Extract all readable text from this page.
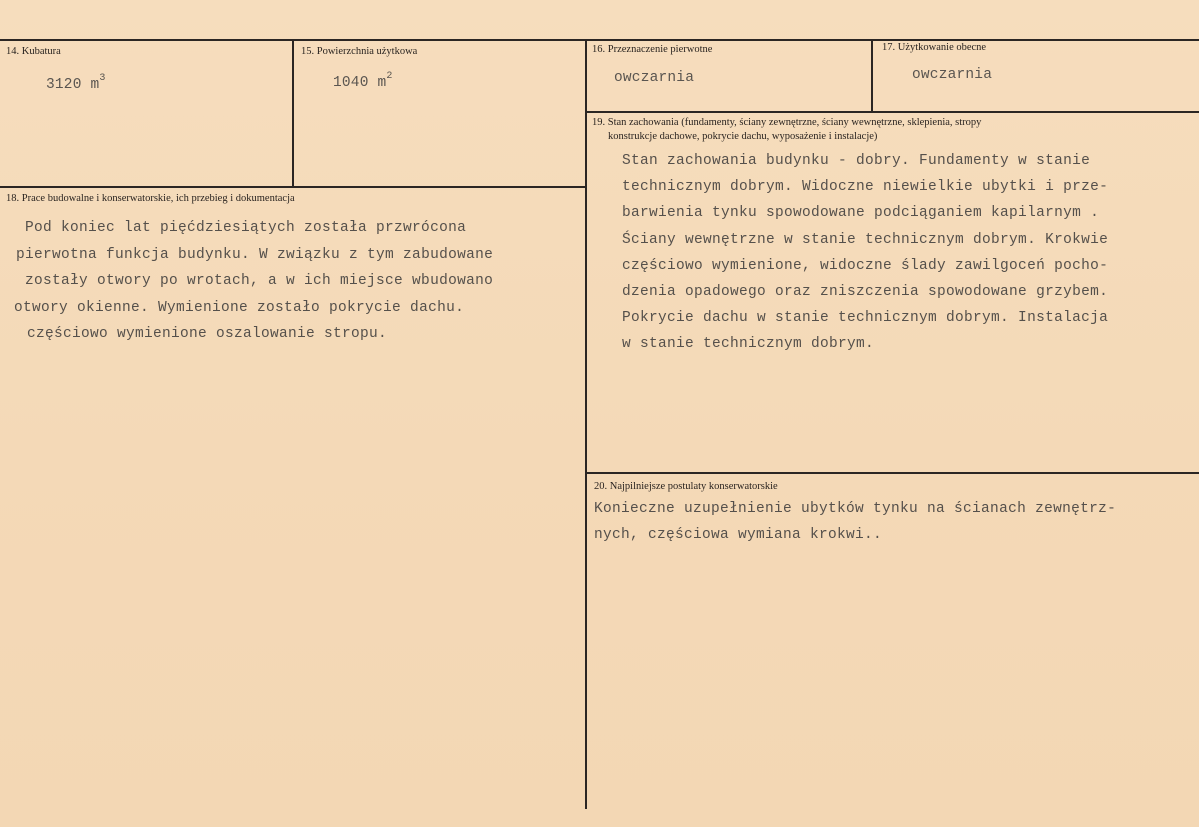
14. Kubatura
3120 $m^3$
15. Powierzchnia użytkowa
1040 $m^2$
16. Przeznaczenie pierwotne
owczarnia
17. Użytkowanie obecne
owczarnia
18. Prace budowalne i konserwatorskie, ich przebieg i dokumentacja
Pod koniec lat pięćdziesiątych została przwrócona
pierwotna funkcja budynku. W związku z tym zabudowane
zostały otwory po wrotach, a w ich miejsce wbudowano
otwory okienne. Wymienione zostało pokrycie dachu.
częściowo wymienione oszalowanie stropu.
19. Stan zachowania (fundamenty, ściany zewnętrzne, ściany wewnętrzne, sklepienia, stropy
konstrukcje dachowe, pokrycie dachu, wyposażenie i instalacje)
Stan zachowania budynku - dobry. Fundamenty w stanie
technicznym dobrym. Widoczne niewielkie ubytki i prze-
barwienia tynku spowodowane podciąganiem kapilarnym .
Ściany wewnętrzne w stanie technicznym dobrym. Krokwie
częściowo wymienione, widoczne ślady zawilgoceń pocho-
dzenia opadowego oraz zniszczenia spowodowane grzybem.
Pokrycie dachu w stanie technicznym dobrym. Instalacja
w stanie technicznym dobrym.
20. Najpilniejsze postulaty konserwatorskie
Konieczne uzupełnienie ubytków tynku na ścianach zewnętrz-
nych, częściowa wymiana krokwi..
